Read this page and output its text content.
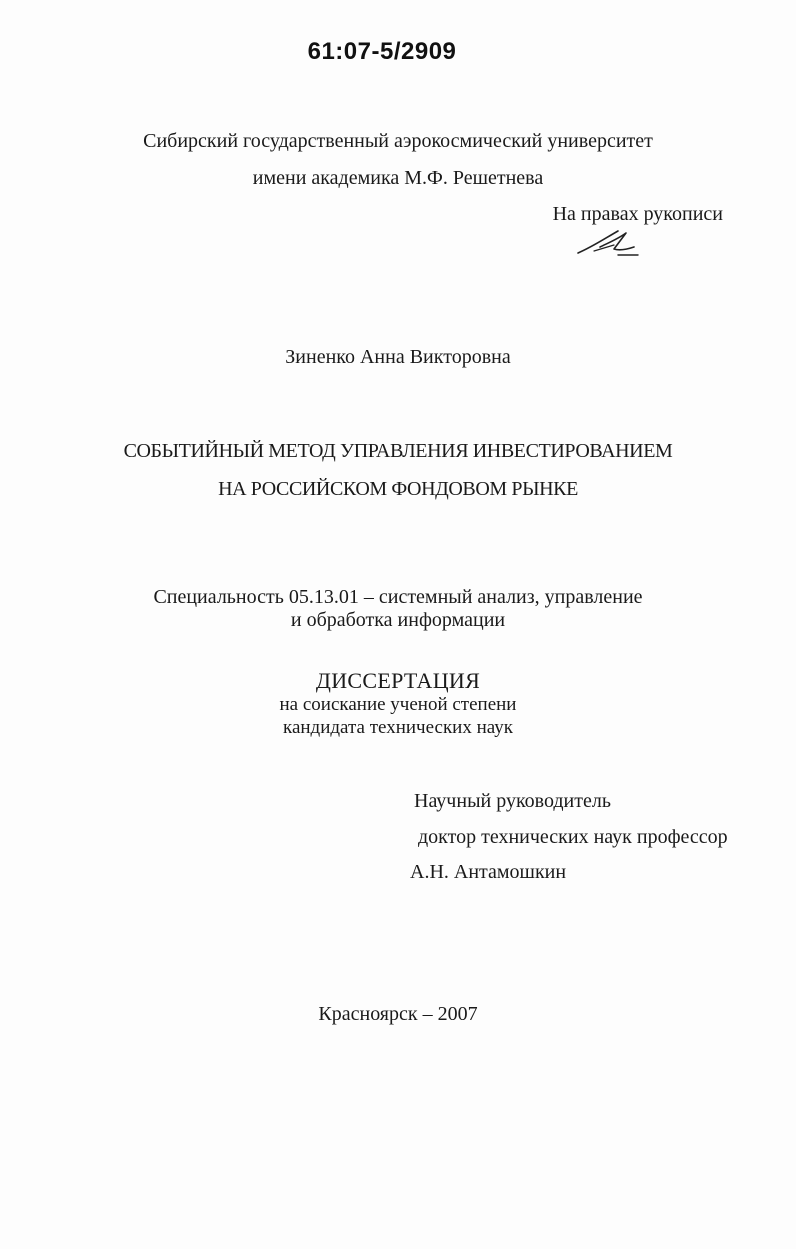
61:07-5/2909
Сибирский государственный аэрокосмический университет
имени академика М.Ф. Решетнева
На правах рукописи
Зиненко Анна Викторовна
СОБЫТИЙНЫЙ МЕТОД УПРАВЛЕНИЯ ИНВЕСТИРОВАНИЕМ
НА РОССИЙСКОМ ФОНДОВОМ РЫНКЕ
Специальность 05.13.01 – системный анализ, управление
и обработка информации
ДИССЕРТАЦИЯ
на соискание ученой степени
кандидата технических наук
Научный руководитель
доктор технических наук профессор
А.Н. Антамошкин
Красноярск – 2007
